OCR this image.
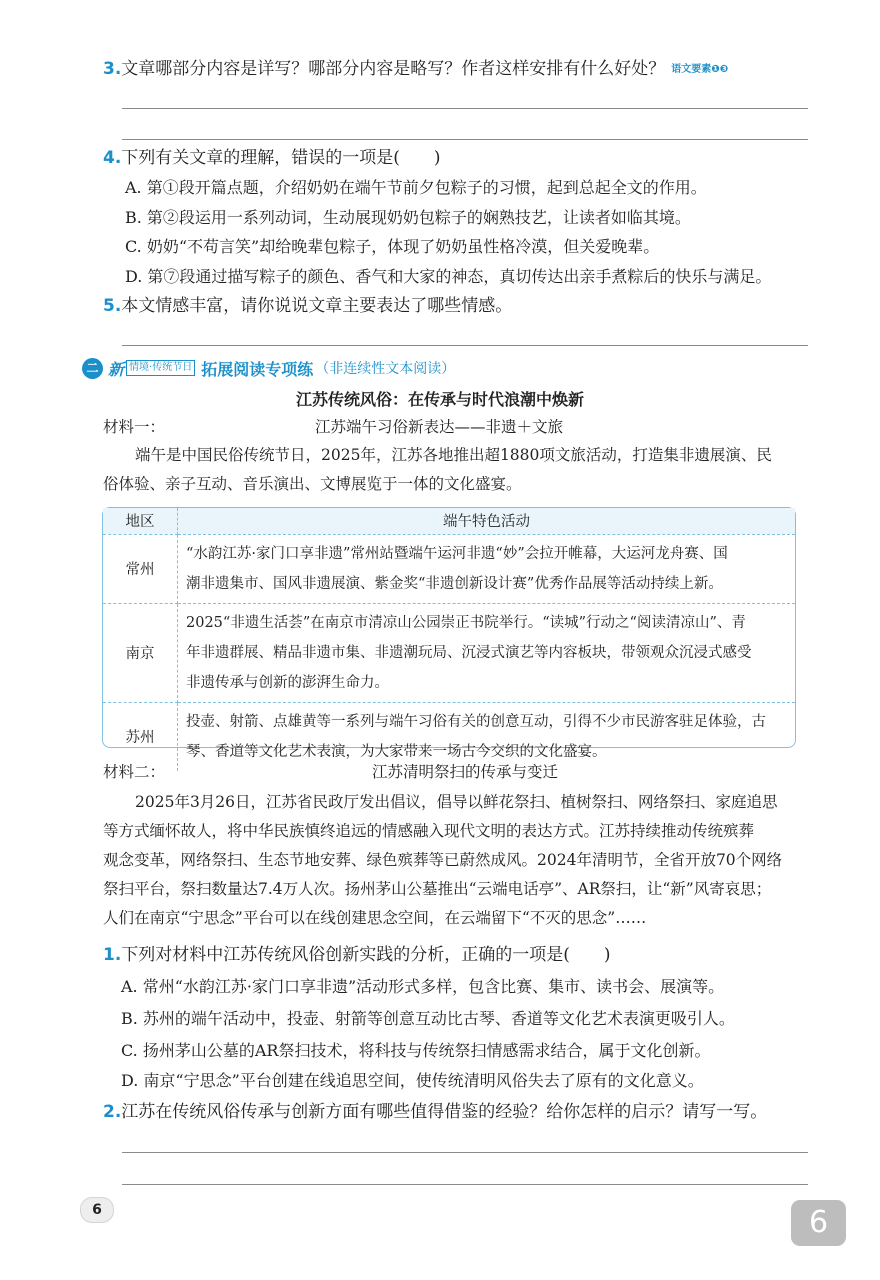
3.文章哪部分内容是详写？哪部分内容是略写？作者这样安排有什么好处？ 语文要素❶❸
4.下列有关文章的理解，错误的一项是(　　)
A. 第①段开篇点题，介绍奶奶在端午节前夕包粽子的习惯，起到总起全文的作用。
B. 第②段运用一系列动词，生动展现奶奶包粽子的娴熟技艺，让读者如临其境。
C. 奶奶“不苟言笑”却给晚辈包粽子，体现了奶奶虽性格冷漠，但关爱晚辈。
D. 第⑦段通过描写粽子的颜色、香气和大家的神态，真切传达出亲手煮粽后的快乐与满足。
5.本文情感丰富，请你说说文章主要表达了哪些情感。
二 新 情境·传统节日 拓展阅读专项练 （非连续性文本阅读）
江苏传统风俗：在传承与时代浪潮中焕新
材料一：	江苏端午习俗新表达——非遗＋文旅
端午是中国民俗传统节日，2025年，江苏各地推出超1880项文旅活动，打造集非遗展演、民
俗体验、亲子互动、音乐演出、文博展览于一体的文化盛宴。
地区	端午特色活动
常州	“水韵江苏·家门口享非遗”常州站暨端午运河非遗“妙”会拉开帷幕，大运河龙舟赛、国
潮非遗集市、国风非遗展演、紫金奖“非遗创新设计赛”优秀作品展等活动持续上新。

南京	2025“非遗生活荟”在南京市清凉山公园崇正书院举行。“读城”行动之“阅读清凉山”、青
年非遗群展、精品非遗市集、非遗潮玩局、沉浸式演艺等内容板块，带领观众沉浸式感受
非遗传承与创新的澎湃生命力。

苏州	投壶、射箭、点雄黄等一系列与端午习俗有关的创意互动，引得不少市民游客驻足体验，古
琴、香道等文化艺术表演，为大家带来一场古今交织的文化盛宴。
材料二：	江苏清明祭扫的传承与变迁
2025年3月26日，江苏省民政厅发出倡议，倡导以鲜花祭扫、植树祭扫、网络祭扫、家庭追思
等方式缅怀故人，将中华民族慎终追远的情感融入现代文明的表达方式。江苏持续推动传统殡葬
观念变革，网络祭扫、生态节地安葬、绿色殡葬等已蔚然成风。2024年清明节，全省开放70个网络
祭扫平台，祭扫数量达7.4万人次。扬州茅山公墓推出“云端电话亭”、AR祭扫，让“新”风寄哀思；
人们在南京“宁思念”平台可以在线创建思念空间，在云端留下“不灭的思念”……
1.下列对材料中江苏传统风俗创新实践的分析，正确的一项是(　　)
A. 常州“水韵江苏·家门口享非遗”活动形式多样，包含比赛、集市、读书会、展演等。
B. 苏州的端午活动中，投壶、射箭等创意互动比古琴、香道等文化艺术表演更吸引人。
C. 扬州茅山公墓的AR祭扫技术，将科技与传统祭扫情感需求结合，属于文化创新。
D. 南京“宁思念”平台创建在线追思空间，使传统清明风俗失去了原有的文化意义。
2.江苏在传统风俗传承与创新方面有哪些值得借鉴的经验？给你怎样的启示？请写一写。
6	6
